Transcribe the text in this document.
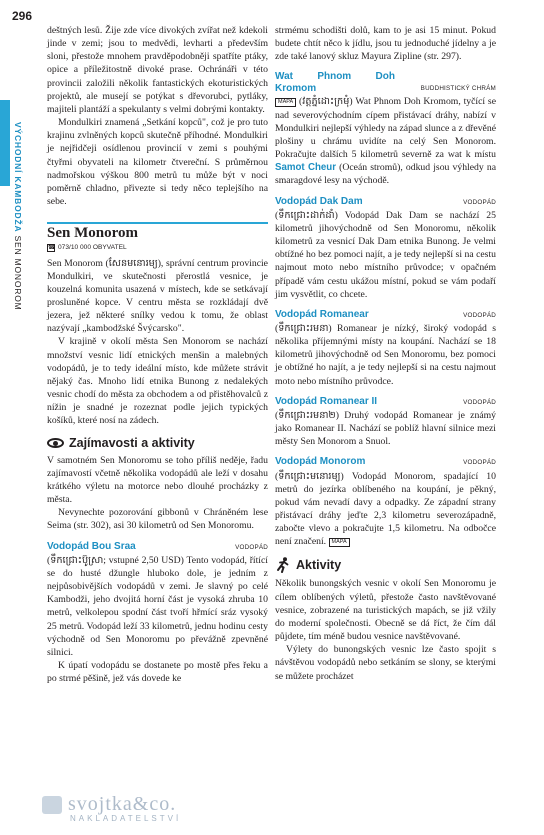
296
VÝCHODNÍ KAMBODŽA SEN MONOROM

deštných lesů. Žije zde více divokých zvířat než kdekoli jinde v zemi; jsou to medvědi, levharti a především sloni, přestože mnohem pravděpodobněji spatříte ptáky, opice a příležitostně divoké prase. Ochránáři v této provincii založili několik fantastických ekoturistických projektů, ale musejí se potýkat s dřevorubci, pytláky, majiteli plantáží a spekulanty s velmi dobrými kontakty.

Mondulkiri znamená „Setkání kopců", což je pro tuto krajinu zvlněných kopců skutečně příhodné. Mondulkiri je nejřidčeji osídlenou provincií v zemi s pouhými čtyřmi obyvateli na kilometr čtvereční. S průměrnou nadmořskou výškou 800 metrů tu může být v noci poměrně chladno, přivezte si tedy něco teplejšího na sebe.

Sen Monorom
☎ 073/10 000 OBYVATEL

Sen Monorom (សែនមនោរម្យ), správní centrum provincie Mondulkiri, ve skutečnosti přerostlá vesnice, je kouzelná komunita usazená v místech, kde se setkávají prosluněné kopce. V centru města se rozkládají dvě jezera, jež některé snílky vedou k tomu, že oblast nazývají „kambodžské Švýcarsko".

V krajině v okolí města Sen Monorom se nachází množství vesnic lidí etnických menšin a malebných vodopádů, je to tedy ideální místo, kde můžete strávit nějaký čas. Mnoho lidí etnika Bunong z nedalekých vesnic chodí do města za obchodem a od přistěhovalců z nížin je snadné je rozeznat podle jejich typických košíků, které nosí na zádech.

Zajímavosti a aktivity

V samotném Sen Monoromu se toho příliš neděje, řadu zajímavostí včetně několika vodopádů ale leží v dosahu krátkého výletu na motorce nebo dlouhé procházky z města.

Nevynechte pozorování gibbonů v Chráněném lese Seima (str. 302), asi 30 kilometrů od Sen Monoromu.

Vodopád Bou Sraa	VODOPÁD

(ទឹកជ្រោះប៊ូស្រា; vstupné 2,50 USD) Tento vodopád, řítící se do husté džungle hluboko dole, je jedním z nejpůsobivějších vodopádů v zemi. Je slavný po celé Kambodži, jeho dvojitá horní část je vysoká zhruba 10 metrů, velkolepou spodní část tvoří hřmící sráz vysoký 25 metrů. Vodopád leží 33 kilometrů, jednu hodinu cesty východně od Sen Monoromu po převážně zpevněné silnici.

K úpatí vodopádu se dostanete po mostě přes řeku a po strmé pěšině, jež vás dovede ke

strmému schodišti dolů, kam to je asi 15 minut. Pokud budete chtít něco k jídlu, jsou tu jednoduché jídelny a je zde také lanový skluz Mayura Zipline (str. 297).

Wat Phnom Doh Kromom	BUDDHISTICKÝ CHRÁM

MAPA (វត្តភ្នំដោះក្រមុំ) Wat Phnom Doh Kromom, tyčící se nad severovýchodním cípem přistávací dráhy, nabízí v Mondulkiri nejlepší výhledy na západ slunce a z dřevěné plošiny u chrámu uvidíte na celý Sen Monorom. Pokračujte dalších 5 kilometrů severně za wat k místu Samot Cheur (Oceán stromů), odkud jsou výhledy na smaragdové lesy na východě.

Vodopád Dak Dam	VODOPÁD

(ទឹកជ្រោះដាក់ដាំ) Vodopád Dak Dam se nachází 25 kilometrů jihovýchodně od Sen Monoromu, několik kilometrů za vesnicí Dak Dam etnika Bunong. Je velmi obtížné ho bez pomoci najít, a je tedy nejlepší si na cestu najmout moto nebo místního průvodce; v opačném případě vám cestu ukážou místní, pokud se vám podaří jim vysvětlit, co chcete.

Vodopád Romanear	VODOPÁD

(ទឹកជ្រោះរមនា) Romanear je nízký, široký vodopád s několika příjemnými místy na koupání. Nachází se 18 kilometrů jihovýchodně od Sen Monoromu, bez pomoci je obtížné ho najít, a je tedy nejlepší si na cestu najmout moto nebo místního průvodce.

Vodopád Romanear II	VODOPÁD

(ទឹកជ្រោះរមនា២) Druhý vodopád Romanear je známý jako Romanear II. Nachází se poblíž hlavní silnice mezi městy Sen Monorom a Snuol.

Vodopád Monorom	VODOPÁD

(ទឹកជ្រោះមនោរម្យ) Vodopád Monorom, spadající 10 metrů do jezírka oblíbeného na koupání, je pěkný, pokud vám nevadí davy a odpadky. Ze západní strany přistávací dráhy jeďte 2,3 kilometru severozápadně, zabočte vlevo a pokračujte 1,5 kilometru. Na odbočce není značení. MAPA

Aktivity

Několik bunongských vesnic v okolí Sen Monoromu je cílem oblíbených výletů, přestože často navštěvované vesnice, zobrazené na turistických mapách, se již vžily do moderní společnosti. Obecně se dá říct, že čím dál půjdete, tím méně budou vesnice navštěvované.

Výlety do bunongských vesnic lze často spojit s návštěvou vodopádů nebo setkáním se slony, se kterými se můžete procházet

svojtka&co.
NAKLADATELSTVÍ
